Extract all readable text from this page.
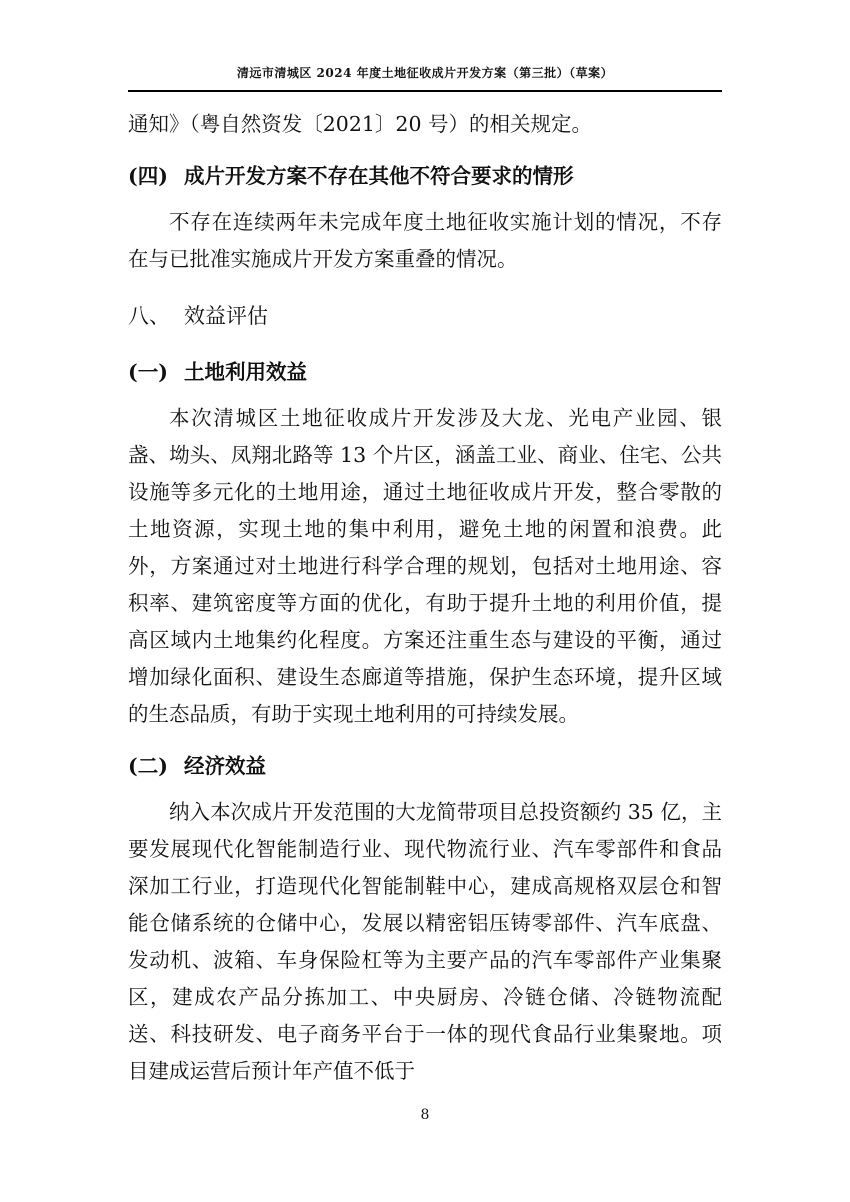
清远市清城区 2024 年度土地征收成片开发方案（第三批）（草案）

通知》（粤自然资发〔2021〕20 号）的相关规定。

(四) 成片开发方案不存在其他不符合要求的情形

不存在连续两年未完成年度土地征收实施计划的情况，不存在与已批准实施成片开发方案重叠的情况。

八、 效益评估
(一) 土地利用效益

本次清城区土地征收成片开发涉及大龙、光电产业园、银盏、坳头、凤翔北路等 13 个片区，涵盖工业、商业、住宅、公共设施等多元化的土地用途，通过土地征收成片开发，整合零散的土地资源，实现土地的集中利用，避免土地的闲置和浪费。此外，方案通过对土地进行科学合理的规划，包括对土地用途、容积率、建筑密度等方面的优化，有助于提升土地的利用价值，提高区域内土地集约化程度。方案还注重生态与建设的平衡，通过增加绿化面积、建设生态廊道等措施，保护生态环境，提升区域的生态品质，有助于实现土地利用的可持续发展。

(二) 经济效益

纳入本次成片开发范围的大龙简带项目总投资额约 35 亿，主要发展现代化智能制造行业、现代物流行业、汽车零部件和食品深加工行业，打造现代化智能制鞋中心，建成高规格双层仓和智能仓储系统的仓储中心，发展以精密铝压铸零部件、汽车底盘、发动机、波箱、车身保险杠等为主要产品的汽车零部件产业集聚区，建成农产品分拣加工、中央厨房、冷链仓储、冷链物流配送、科技研发、电子商务平台于一体的现代食品行业集聚地。项目建成运营后预计年产值不低于

8
